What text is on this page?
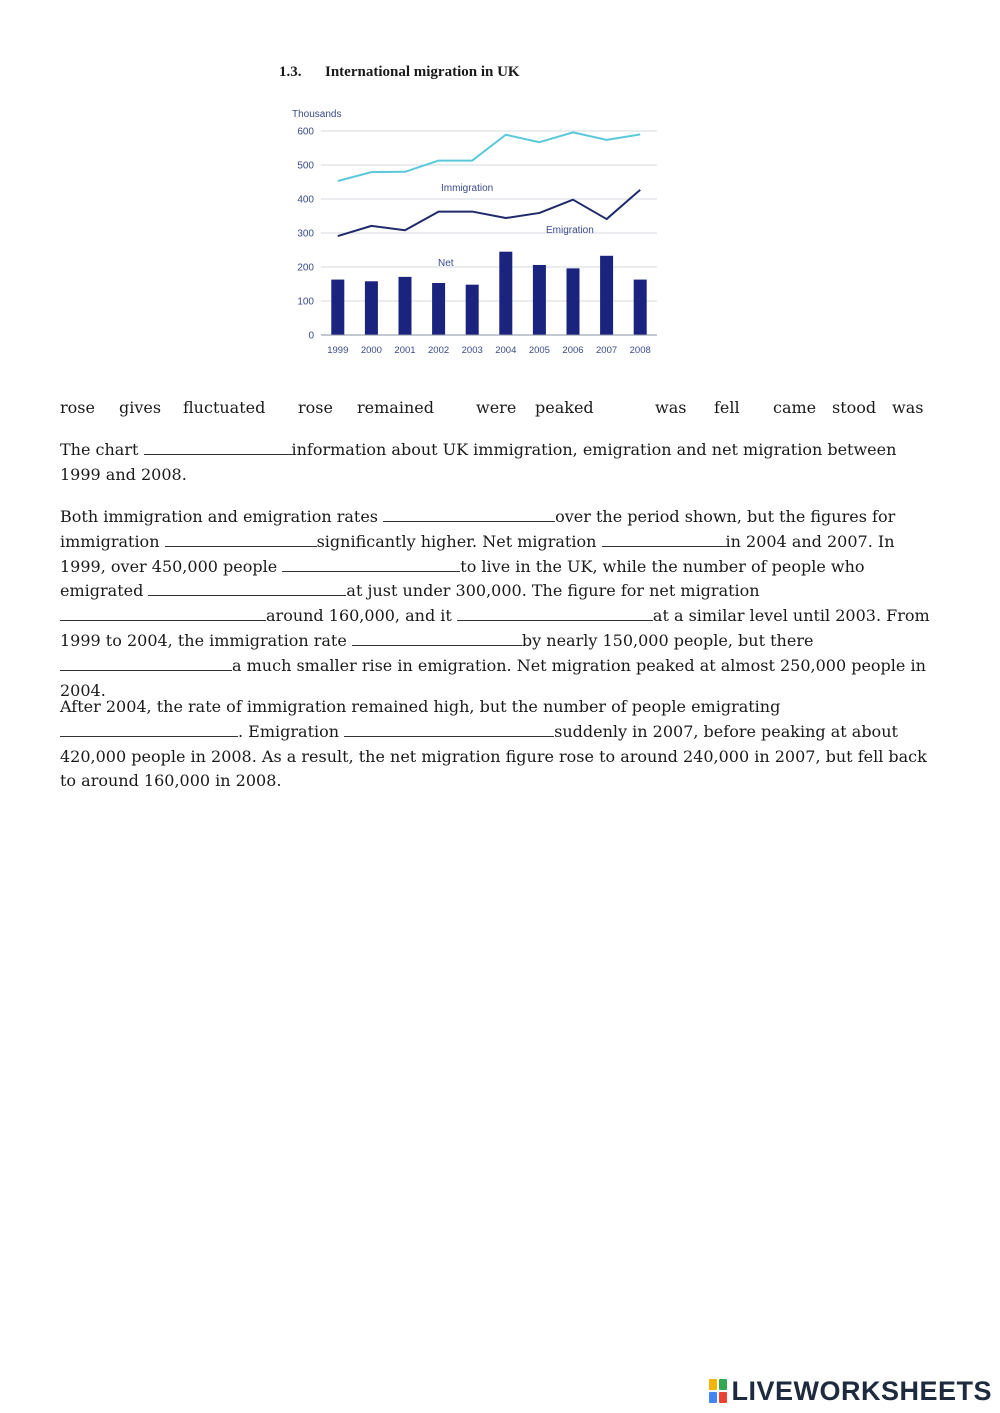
1.3. International migration in UK
Thousands
0
100
200
300
400
500
600
1999 2000 2001 2002 2003 2004 2005 2006 2007 2008
Immigration
Emigration
Net
rose gives fluctuated rose remained	were peaked	was fell came stood was

The chart	information about UK immigration, emigration and net migration between 1999 and 2008.

Both immigration and emigration rates	over the period shown, but the figures for immigration	significantly higher. Net migration	in 2004 and 2007. In 1999, over 450,000 people	to live in the UK, while the number of people who emigrated	at just under 300,000. The figure for net migration around 160,000, and it	at a similar level until 2003. From 1999 to 2004, the immigration rate	by nearly 150,000 people, but there a much smaller rise in emigration. Net migration peaked at almost 250,000 people in 2004.

After 2004, the rate of immigration remained high, but the number of people emigrating . Emigration	suddenly in 2007, before peaking at about 420,000 people in 2008. As a result, the net migration figure rose to around 240,000 in 2007, but fell back to around 160,000 in 2008.

LIVEWORKSHEETS
